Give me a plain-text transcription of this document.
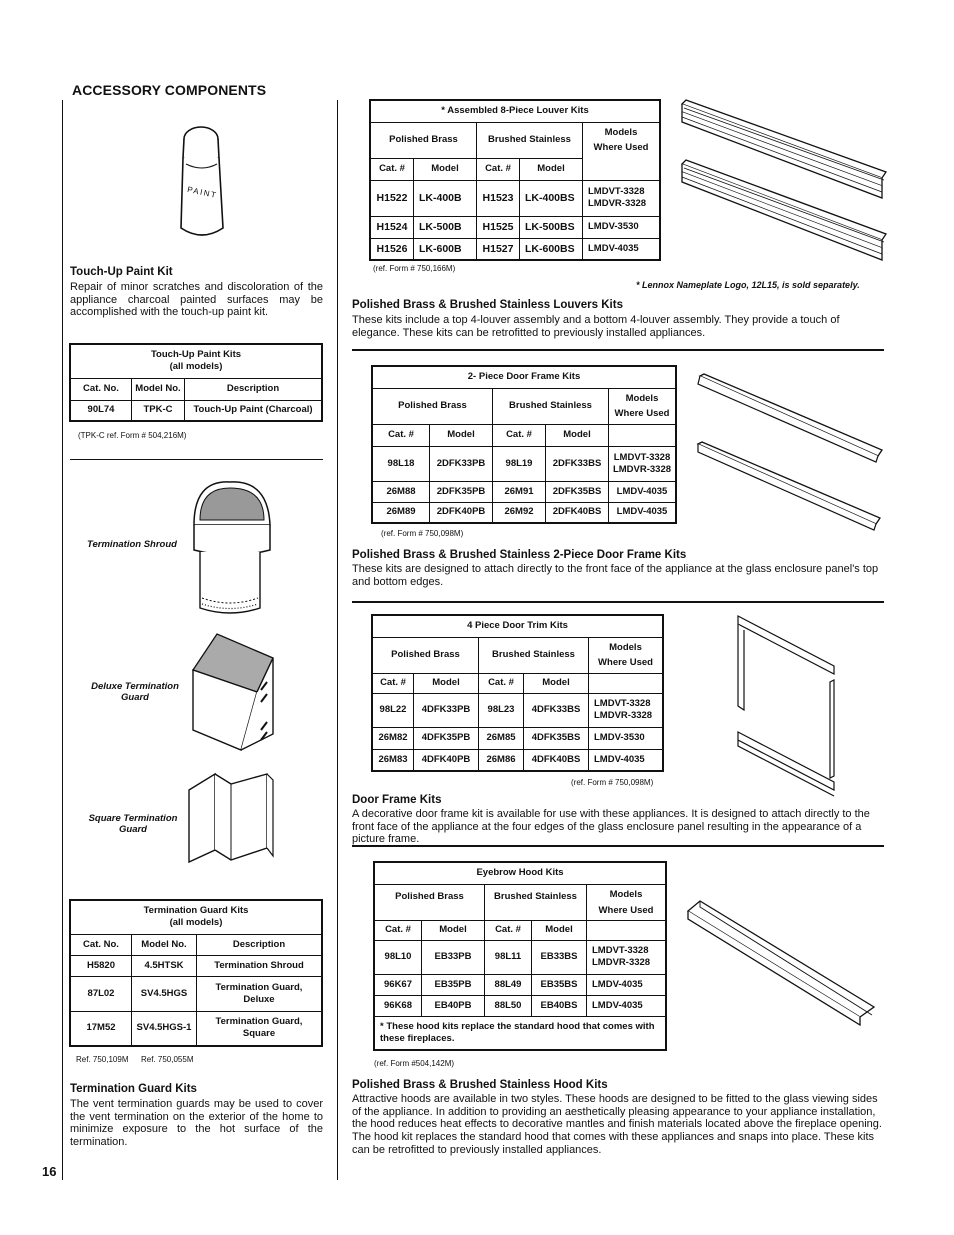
ACCESSORY COMPONENTS
16
PAINT
Touch-Up Paint Kit
Repair of minor scratches and discoloration of the appliance charcoal painted surfaces may be accomplished with the touch-up paint kit.
Touch-Up Paint Kits
(all models)		

Cat. No.	Model No.	Description
90L74	TPK-C	Touch-Up Paint (Charcoal)
(TPK-C ref. Form # 504,216M)
Termination Shroud
Deluxe Termination Guard
Square Termination Guard
Termination Guard Kits
(all models)		

Cat. No.	Model No.	Description
H5820	4.5HTSK	Termination Shroud
87L02	SV4.5HGS	Termination Guard,
Deluxe

17M52	SV4.5HGS-1	Termination Guard,
Square
Ref. 750,109M Ref. 750,055M
Termination Guard Kits
The vent termination guards may be used to cover the vent termination on the exterior of the home to minimize exposure to the hot surface of the termination.
* Assembled 8-Piece Louver Kits				
Polished Brass		Brushed Stainless		Models
Where Used

Cat. #	Model	Cat. #	Model	
H1522	LK-400B	H1523	LK-400BS	LMDVT-3328
LMDVR-3328

H1524	LK-500B	H1525	LK-500BS	LMDV-3530
H1526	LK-600B	H1527	LK-600BS	LMDV-4035
(ref. Form # 750,166M)
* Lennox Nameplate Logo, 12L15, is sold separately.
Polished Brass & Brushed Stainless Louvers Kits
These kits include a top 4-louver assembly and a bottom 4-louver assembly. They provide a touch of elegance. These kits can be retrofitted to previously installed appliances.
2- Piece Door Frame Kits				
Polished Brass		Brushed Stainless		Models
Where Used

Cat. #	Model	Cat. #	Model	
98L18	2DFK33PB	98L19	2DFK33BS	LMDVT-3328
LMDVR-3328

26M88	2DFK35PB	26M91	2DFK35BS	LMDV-4035
26M89	2DFK40PB	26M92	2DFK40BS	LMDV-4035
(ref. Form # 750,098M)
Polished Brass & Brushed Stainless 2-Piece Door Frame Kits
These kits are designed to attach directly to the front face of the appliance at the glass enclosure panel's top and bottom edges.
4 Piece Door Trim Kits				
Polished Brass		Brushed Stainless		Models
Where Used

Cat. #	Model	Cat. #	Model	
98L22	4DFK33PB	98L23	4DFK33BS	LMDVT-3328
LMDVR-3328

26M82	4DFK35PB	26M85	4DFK35BS	LMDV-3530
26M83	4DFK40PB	26M86	4DFK40BS	LMDV-4035
(ref. Form # 750,098M)
Door Frame Kits
A decorative door frame kit is available for use with these appliances. It is designed to attach directly to the front face of the appliance at the four edges of the glass enclosure panel resulting in the appearance of a picture frame.
Eyebrow Hood Kits				
Polished Brass		Brushed Stainless		Models
Where Used

Cat. #	Model	Cat. #	Model	
98L10	EB33PB	98L11	EB33BS	LMDVT-3328
LMDVR-3328

96K67	EB35PB	88L49	EB35BS	LMDV-4035
96K68	EB40PB	88L50	EB40BS	LMDV-4035
* These hood kits replace the standard hood that comes with these fireplaces.				
(ref. Form #504,142M)
Polished Brass & Brushed Stainless Hood Kits
Attractive hoods are available in two styles. These hoods are designed to be fitted to the glass viewing sides of the appliance. In addition to providing an aesthetically pleasing appearance to your appliance installation, the hood reduces heat effects to decorative mantles and finish materials located above the fireplace opening. The hood kit replaces the standard hood that comes with these appliances and snaps into place. These kits can be retrofitted to previously installed appliances.
